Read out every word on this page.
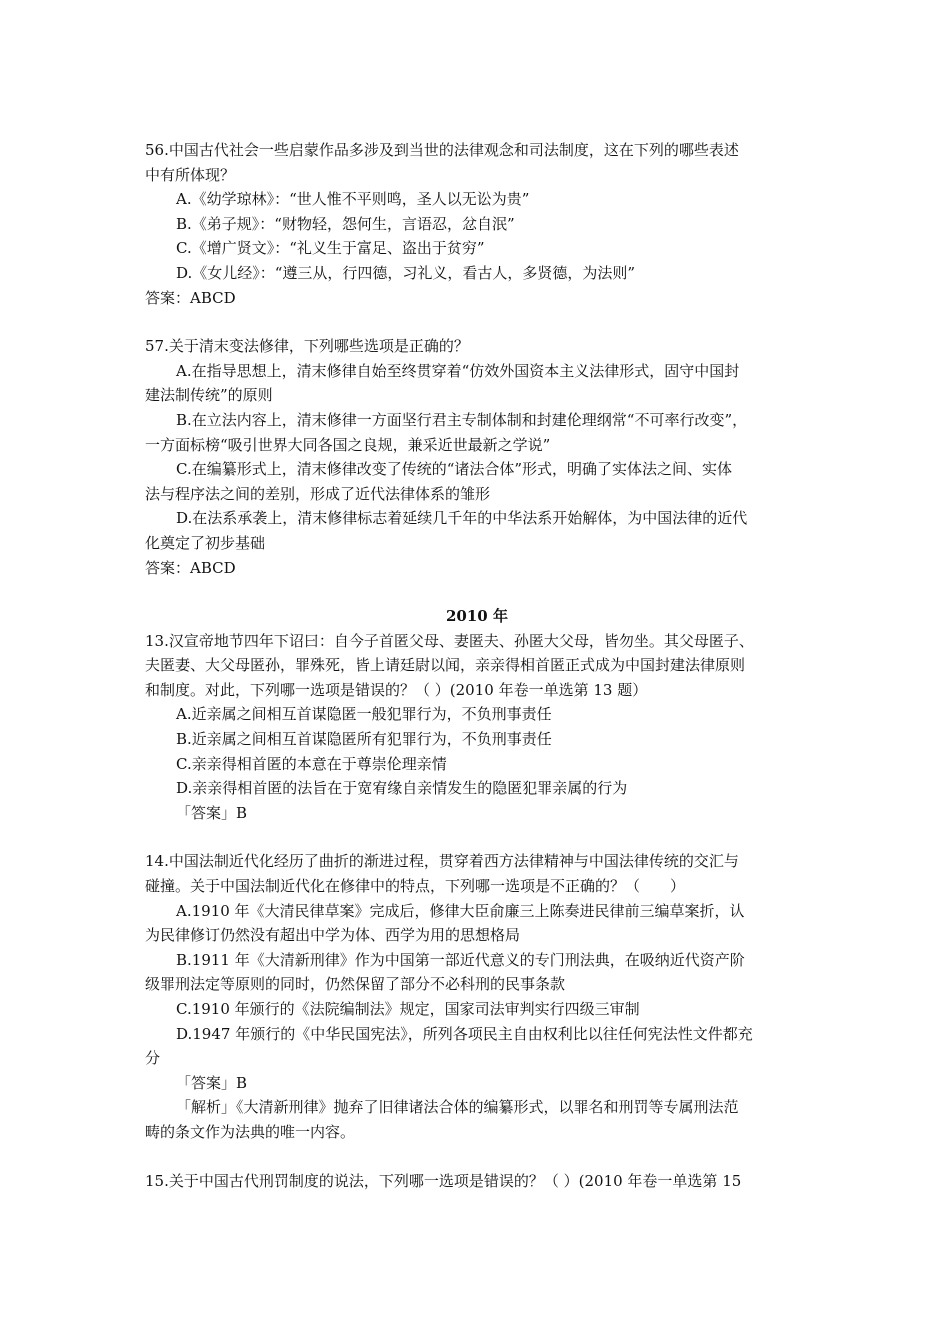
56.中国古代社会一些启蒙作品多涉及到当世的法律观念和司法制度，这在下列的哪些表述
中有所体现？
A.《幼学琼林》：“世人惟不平则鸣，圣人以无讼为贵”
B.《弟子规》：“财物轻，怨何生，言语忍，忿自泯”
C.《增广贤文》：“礼义生于富足、盗出于贫穷”
D.《女儿经》：“遵三从，行四德，习礼义，看古人，多贤德，为法则”
答案：ABCD
57.关于清末变法修律，下列哪些选项是正确的？
A.在指导思想上，清末修律自始至终贯穿着“仿效外国资本主义法律形式，固守中国封
建法制传统”的原则
B.在立法内容上，清末修律一方面坚行君主专制体制和封建伦理纲常“不可率行改变”，
一方面标榜“吸引世界大同各国之良规，兼采近世最新之学说”
C.在编纂形式上，清末修律改变了传统的“诸法合体”形式，明确了实体法之间、实体
法与程序法之间的差别，形成了近代法律体系的雏形
D.在法系承袭上，清末修律标志着延续几千年的中华法系开始解体，为中国法律的近代
化奠定了初步基础
答案：ABCD
2010 年
13.汉宣帝地节四年下诏曰：自今子首匿父母、妻匿夫、孙匿大父母，皆勿坐。其父母匿子、
夫匿妻、大父母匿孙，罪殊死，皆上请廷尉以闻，亲亲得相首匿正式成为中国封建法律原则
和制度。对此，下列哪一选项是错误的？（ ）(2010 年卷一单选第 13 题）
A.近亲属之间相互首谋隐匿一般犯罪行为，不负刑事责任
B.近亲属之间相互首谋隐匿所有犯罪行为，不负刑事责任
C.亲亲得相首匿的本意在于尊崇伦理亲情
D.亲亲得相首匿的法旨在于宽宥缘自亲情发生的隐匿犯罪亲属的行为
「答案」B
14.中国法制近代化经历了曲折的渐进过程，贯穿着西方法律精神与中国法律传统的交汇与
碰撞。关于中国法制近代化在修律中的特点，下列哪一选项是不正确的？（　　）
A.1910 年《大清民律草案》完成后，修律大臣俞廉三上陈奏进民律前三编草案折，认
为民律修订仍然没有超出中学为体、西学为用的思想格局
B.1911 年《大清新刑律》作为中国第一部近代意义的专门刑法典，在吸纳近代资产阶
级罪刑法定等原则的同时，仍然保留了部分不必科刑的民事条款
C.1910 年颁行的《法院编制法》规定，国家司法审判实行四级三审制
D.1947 年颁行的《中华民国宪法》，所列各项民主自由权利比以往任何宪法性文件都充
分
「答案」B
「解析」《大清新刑律》抛弃了旧律诸法合体的编纂形式，以罪名和刑罚等专属刑法范
畴的条文作为法典的唯一内容。
15.关于中国古代刑罚制度的说法，下列哪一选项是错误的？（ ）(2010 年卷一单选第 15
